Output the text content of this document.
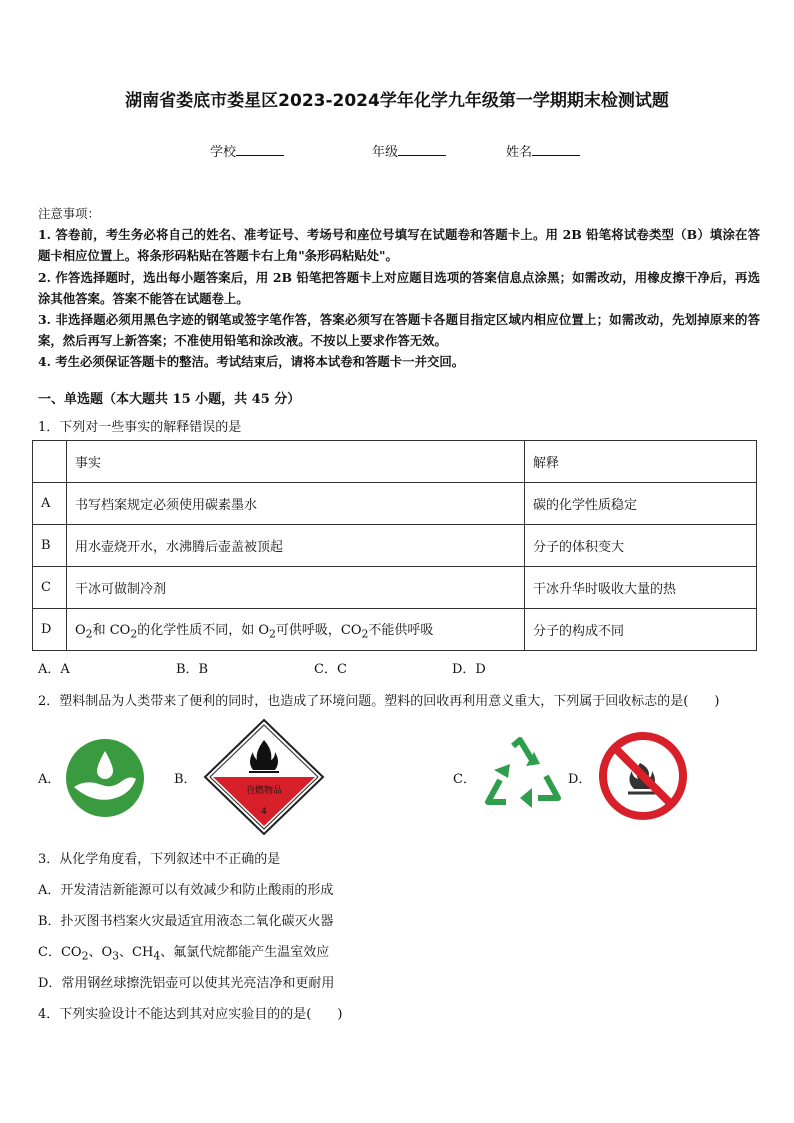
湖南省娄底市娄星区2023-2024学年化学九年级第一学期期末检测试题
学校	年级	姓名
注意事项：

1. 答卷前，考生务必将自己的姓名、准考证号、考场号和座位号填写在试题卷和答题卡上。用 2B 铅笔将试卷类型（B）填涂在答题卡相应位置上。将条形码粘贴在答题卡右上角"条形码粘贴处"。

2. 作答选择题时，选出每小题答案后，用 2B 铅笔把答题卡上对应题目选项的答案信息点涂黑；如需改动，用橡皮擦干净后，再选涂其他答案。答案不能答在试题卷上。

3. 非选择题必须用黑色字迹的钢笔或签字笔作答，答案必须写在答题卡各题目指定区域内相应位置上；如需改动，先划掉原来的答案，然后再写上新答案；不准使用铅笔和涂改液。不按以上要求作答无效。

4. 考生必须保证答题卡的整洁。考试结束后，请将本试卷和答题卡一并交回。

一、单选题（本大题共 15 小题，共 45 分）
1．下列对一些事实的解释错误的是
	事实	解释
A	书写档案规定必须使用碳素墨水	碳的化学性质稳定
B	用水壶烧开水，水沸腾后壶盖被顶起	分子的体积变大
C	干冰可做制冷剂	干冰升华时吸收大量的热
D	$O_2$和 $CO_2$的化学性质不同，如 $O_2$可供呼吸，$CO_2$不能供呼吸	分子的构成不同
A．A	B．B	C．C	D．D
2．塑料制品为人类带来了便利的同时，也造成了环境问题。塑料的回收再利用意义重大，下列属于回收标志的是(　　)
A．	B．
自燃物品
4
C．	D．
3．从化学角度看，下列叙述中不正确的是
A．开发清洁新能源可以有效减少和防止酸雨的形成
B．扑灭图书档案火灾最适宜用液态二氧化碳灭火器
C．$CO_2$、$O_3$、$CH_4$、氟氯代烷都能产生温室效应
D．常用钢丝球擦洗铝壶可以使其光亮洁净和更耐用
4．下列实验设计不能达到其对应实验目的的是(　　)
